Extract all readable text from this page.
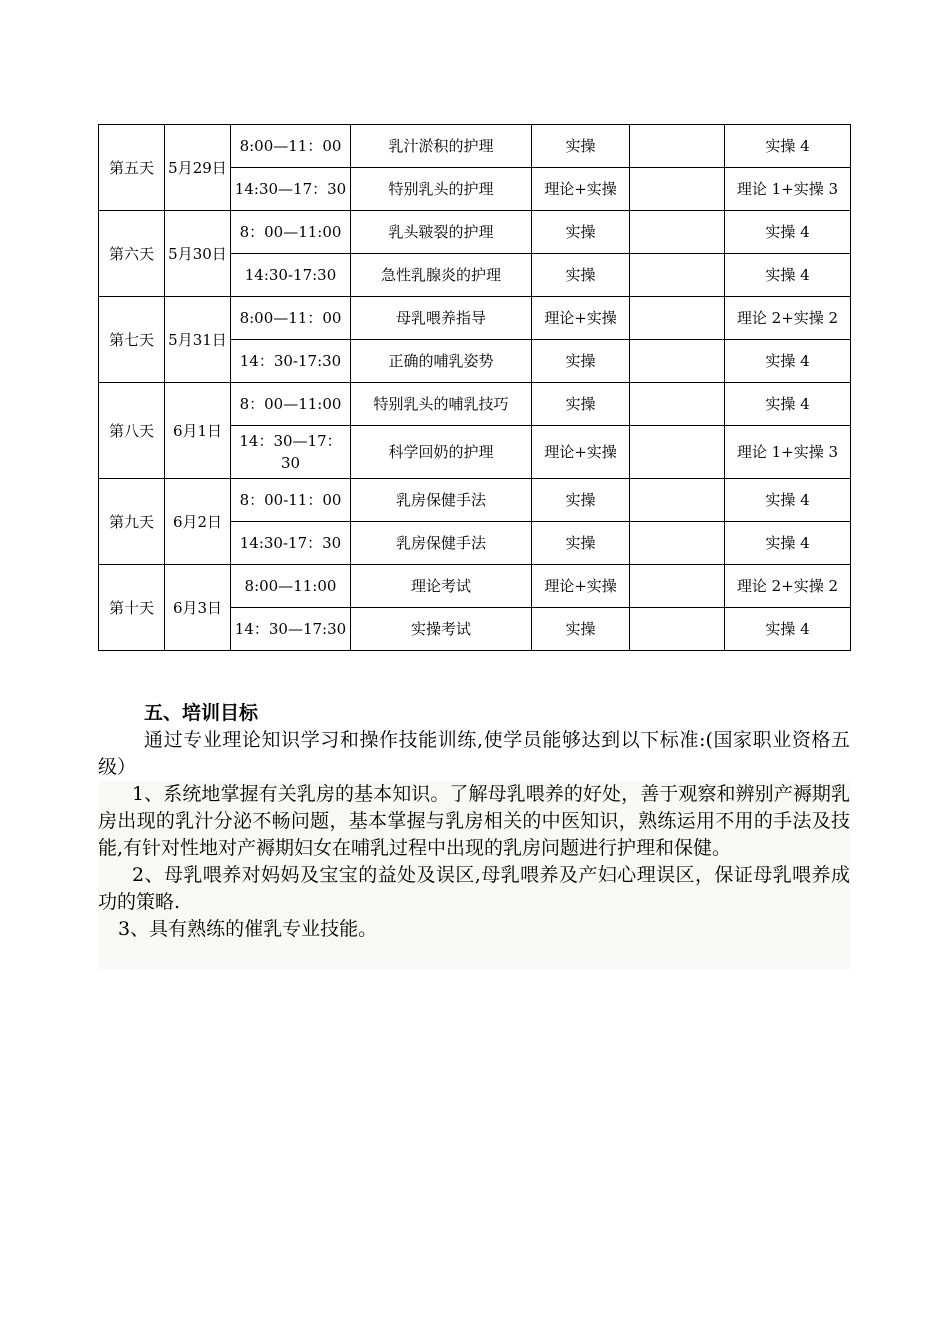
第五天	5月29日	8:00—11：00	乳汁淤积的护理	实操		实操 4
		14:30—17：30	特别乳头的护理	理论+实操		理论 1+实操 3
第六天	5月30日	8：00—11:00	乳头皲裂的护理	实操		实操 4
		14:30-17:30	急性乳腺炎的护理	实操		实操 4
第七天	5月31日	8:00—11：00	母乳喂养指导	理论+实操		理论 2+实操 2
		14：30-17:30	正确的哺乳姿势	实操		实操 4
第八天	6月1日	8：00—11:00	特别乳头的哺乳技巧	实操		实操 4
		14：30—17：30	科学回奶的护理	理论+实操		理论 1+实操 3
第九天	6月2日	8：00-11：00	乳房保健手法	实操		实操 4
		14:30-17：30	乳房保健手法	实操		实操 4
第十天	6月3日	8:00—11:00	理论考试	理论+实操		理论 2+实操 2
		14：30—17:30	实操考试	实操		实操 4
五、培训目标

通过专业理论知识学习和操作技能训练,使学员能够达到以下标准:(国家职业资格五级）

1、系统地掌握有关乳房的基本知识。了解母乳喂养的好处，善于观察和辨别产褥期乳房出现的乳汁分泌不畅问题，基本掌握与乳房相关的中医知识，熟练运用不用的手法及技能,有针对性地对产褥期妇女在哺乳过程中出现的乳房问题进行护理和保健。

2、母乳喂养对妈妈及宝宝的益处及误区,母乳喂养及产妇心理误区，保证母乳喂养成功的策略.

3、具有熟练的催乳专业技能。
